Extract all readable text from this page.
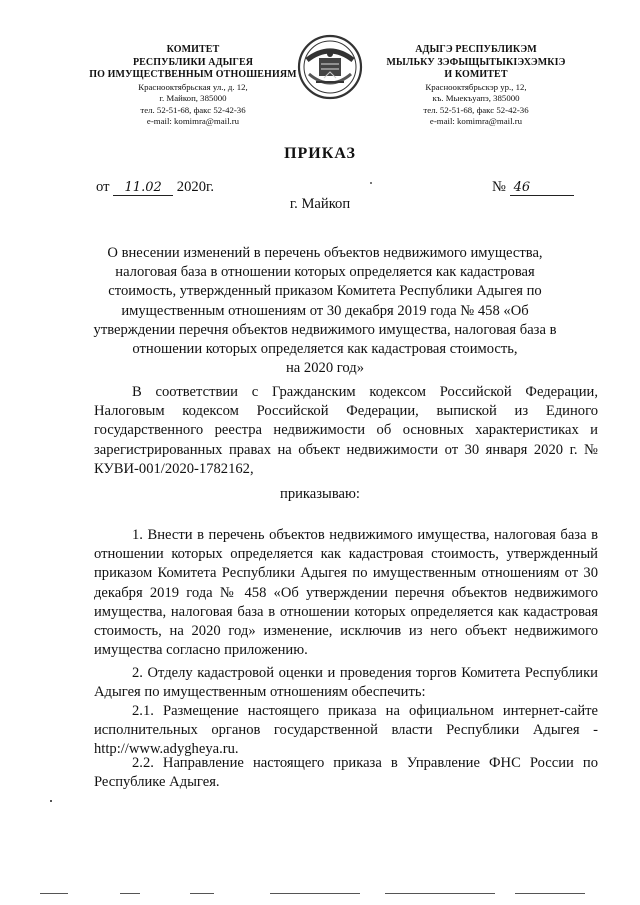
КОМИТЕТ
РЕСПУБЛИКИ АДЫГЕЯ
ПО ИМУЩЕСТВЕННЫМ ОТНОШЕНИЯМ
Краснооктябрьская ул., д. 12,
г. Майкоп, 385000
тел. 52-51-68, факс 52-42-36
e-mail: komimra@mail.ru
АДЫГЭ РЕСПУБЛИКЭМ
МЫЛЬКУ ЗЭФЫЩЫТЫКІЭХЭМКІЭ
И КОМИТЕТ
Краснооктябрьскэр ур., 12,
къ. Мыекъуапэ, 385000
тел. 52-51-68, факс 52-42-36
e-mail: komimra@mail.ru
ПРИКАЗ
от 11.02 2020г.	№ 46
г. Майкоп
О внесении изменений в перечень объектов недвижимого имущества,
налоговая база в отношении которых определяется как кадастровая
стоимость, утвержденный приказом Комитета Республики Адыгея по
имущественным отношениям от 30 декабря 2019 года № 458 «Об
утверждении перечня объектов недвижимого имущества, налоговая база в
отношении которых определяется как кадастровая стоимость,
на 2020 год»
В соответствии с Гражданским кодексом Российской Федерации, Налоговым кодексом Российской Федерации, выпиской из Единого государственного реестра недвижимости об основных характеристиках и зарегистрированных правах на объект недвижимости от 30 января 2020 г. № КУВИ-001/2020-1782162,
приказываю:
1. Внести в перечень объектов недвижимого имущества, налоговая база в отношении которых определяется как кадастровая стоимость, утвержденный приказом Комитета Республики Адыгея по имущественным отношениям от 30 декабря 2019 года № 458 «Об утверждении перечня объектов недвижимого имущества, налоговая база в отношении которых определяется как кадастровая стоимость, на 2020 год» изменение, исключив из него объект недвижимого имущества согласно приложению.
2. Отделу кадастровой оценки и проведения торгов Комитета Республики Адыгея по имущественным отношениям обеспечить:
2.1. Размещение настоящего приказа на официальном интернет-сайте исполнительных органов государственной власти Республики Адыгея - http://www.adygheya.ru.
2.2. Направление настоящего приказа в Управление ФНС России по Республике Адыгея.
